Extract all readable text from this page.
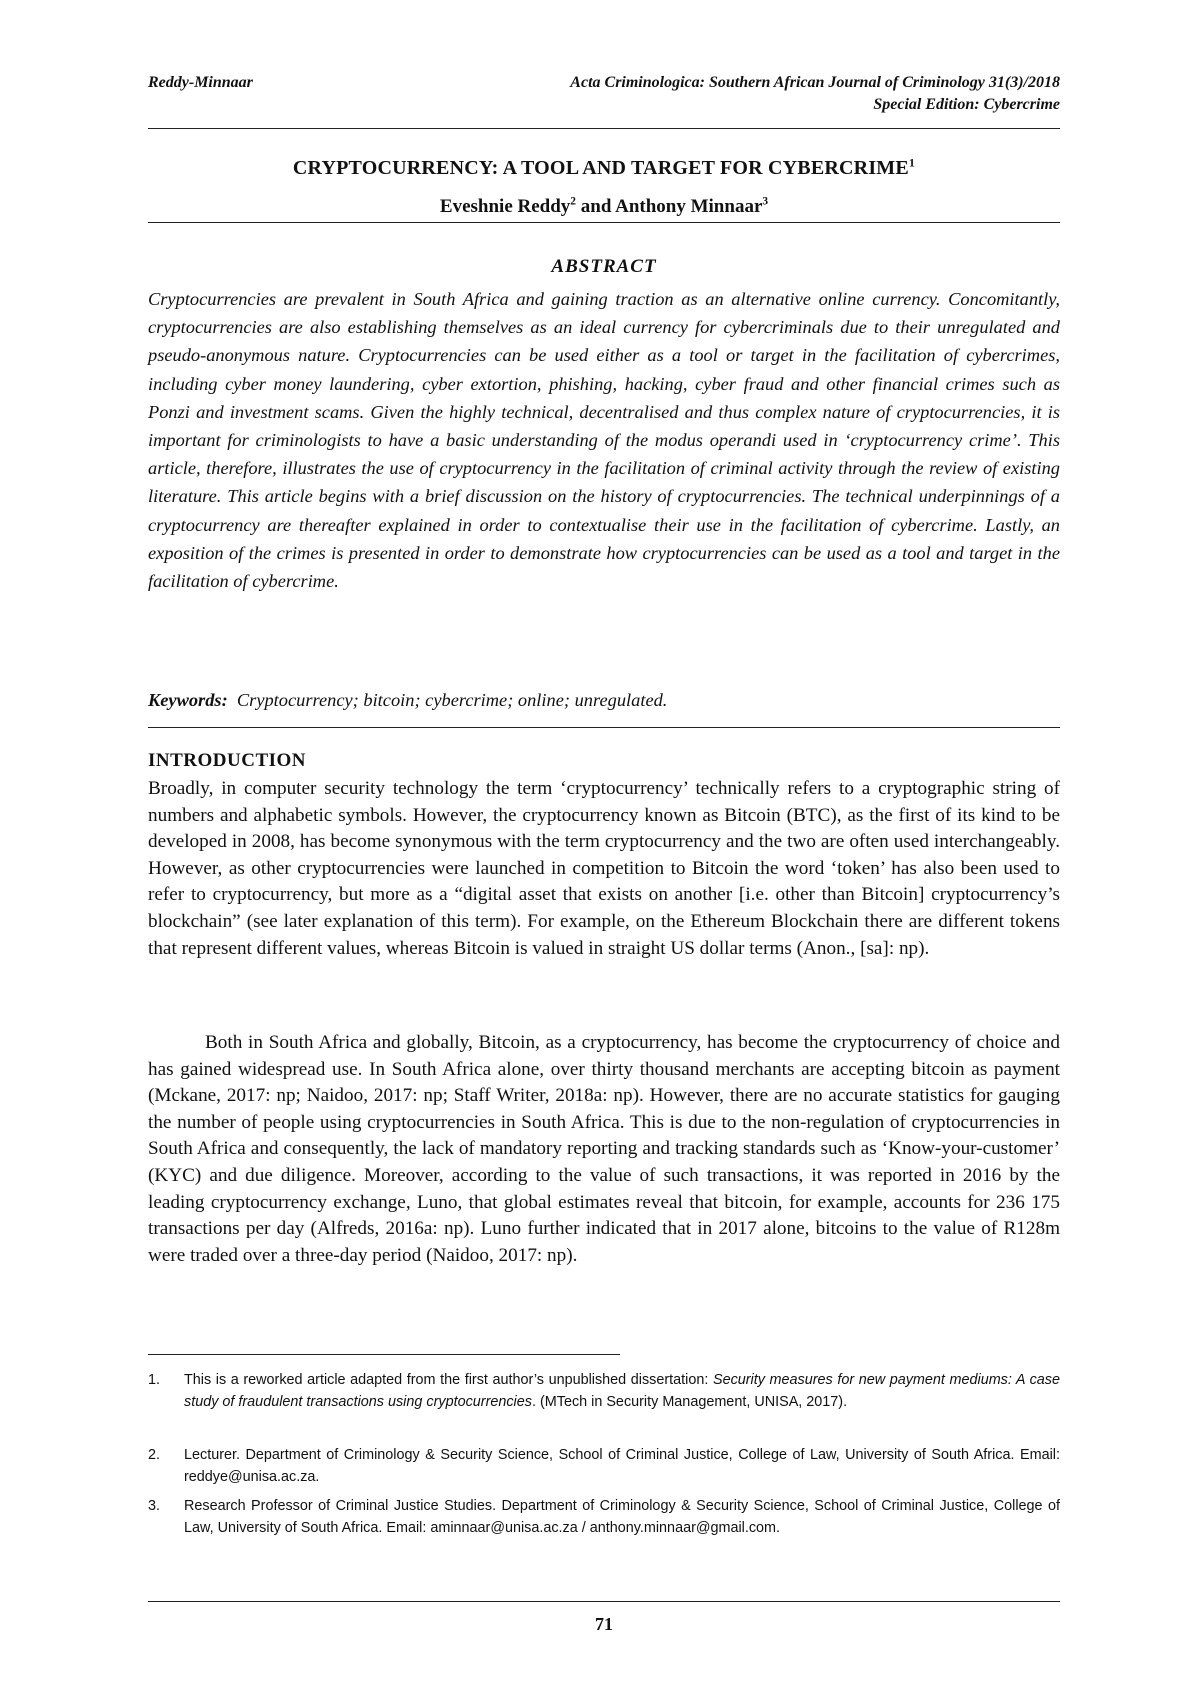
Reddy-Minnaar	Acta Criminologica: Southern African Journal of Criminology 31(3)/2018
Special Edition: Cybercrime
CRYPTOCURRENCY: A TOOL AND TARGET FOR CYBERCRIME$^1$
Eveshnie Reddy$^2$ and Anthony Minnaar$^3$
ABSTRACT

Cryptocurrencies are prevalent in South Africa and gaining traction as an alternative online currency. Concomitantly, cryptocurrencies are also establishing themselves as an ideal currency for cybercriminals due to their unregulated and pseudo-anonymous nature. Cryptocurrencies can be used either as a tool or target in the facilitation of cybercrimes, including cyber money laundering, cyber extortion, phishing, hacking, cyber fraud and other financial crimes such as Ponzi and investment scams. Given the highly technical, decentralised and thus complex nature of cryptocurrencies, it is important for criminologists to have a basic understanding of the modus operandi used in ‘cryptocurrency crime’. This article, therefore, illustrates the use of cryptocurrency in the facilitation of criminal activity through the review of existing literature. This article begins with a brief discussion on the history of cryptocurrencies. The technical underpinnings of a cryptocurrency are thereafter explained in order to contextualise their use in the facilitation of cybercrime. Lastly, an exposition of the crimes is presented in order to demonstrate how cryptocurrencies can be used as a tool and target in the facilitation of cybercrime.

Keywords: Cryptocurrency; bitcoin; cybercrime; online; unregulated.
INTRODUCTION

Broadly, in computer security technology the term ‘cryptocurrency’ technically refers to a cryptographic string of numbers and alphabetic symbols. However, the cryptocurrency known as Bitcoin (BTC), as the first of its kind to be developed in 2008, has become synonymous with the term cryptocurrency and the two are often used interchangeably. However, as other cryptocurrencies were launched in competition to Bitcoin the word ‘token’ has also been used to refer to cryptocurrency, but more as a “digital asset that exists on another [i.e. other than Bitcoin] cryptocurrency’s blockchain” (see later explanation of this term). For example, on the Ethereum Blockchain there are different tokens that represent different values, whereas Bitcoin is valued in straight US dollar terms (Anon., [sa]: np).

Both in South Africa and globally, Bitcoin, as a cryptocurrency, has become the cryptocurrency of choice and has gained widespread use. In South Africa alone, over thirty thousand merchants are accepting bitcoin as payment (Mckane, 2017: np; Naidoo, 2017: np; Staff Writer, 2018a: np). However, there are no accurate statistics for gauging the number of people using cryptocurrencies in South Africa. This is due to the non-regulation of cryptocurrencies in South Africa and consequently, the lack of mandatory reporting and tracking standards such as ‘Know-your-customer’ (KYC) and due diligence. Moreover, according to the value of such transactions, it was reported in 2016 by the leading cryptocurrency exchange, Luno, that global estimates reveal that bitcoin, for example, accounts for 236 175 transactions per day (Alfreds, 2016a: np). Luno further indicated that in 2017 alone, bitcoins to the value of R128m were traded over a three-day period (Naidoo, 2017: np).

1. This is a reworked article adapted from the first author’s unpublished dissertation: Security measures for new payment mediums: A case study of fraudulent transactions using cryptocurrencies. (MTech in Security Management, UNISA, 2017).
2. Lecturer. Department of Criminology & Security Science, School of Criminal Justice, College of Law, University of South Africa. Email: reddye@unisa.ac.za.
3. Research Professor of Criminal Justice Studies. Department of Criminology & Security Science, School of Criminal Justice, College of Law, University of South Africa. Email: aminnaar@unisa.ac.za / anthony.minnaar@gmail.com.
71
